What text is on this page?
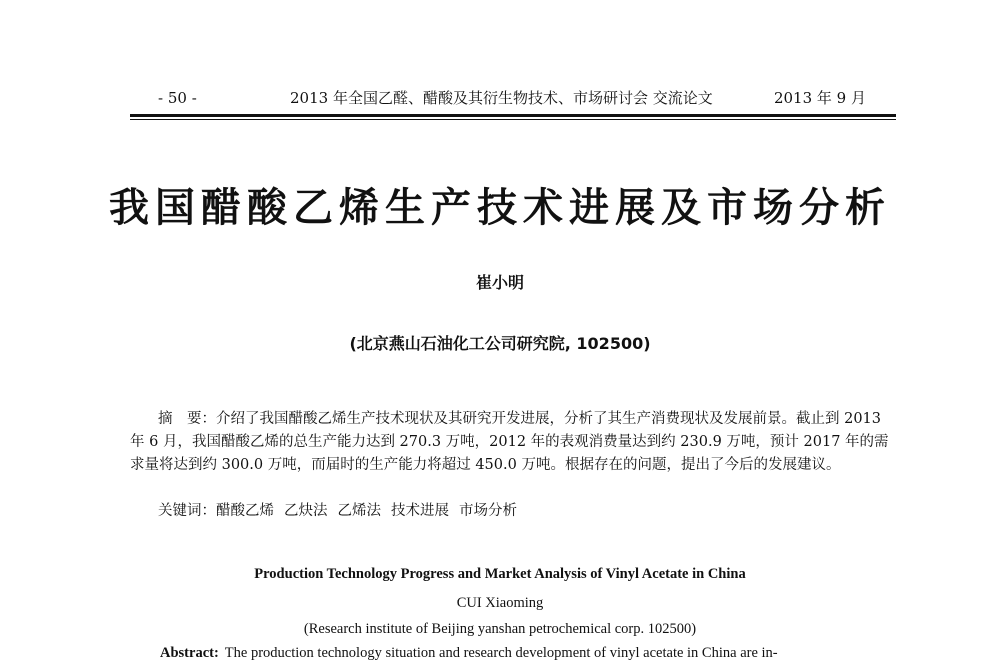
- 50 -	2013 年全国乙醛、醋酸及其衍生物技术、市场研讨会 交流论文	2013 年 9 月
我国醋酸乙烯生产技术进展及市场分析
崔小明
(北京燕山石油化工公司研究院, 102500)
摘　要：介绍了我国醋酸乙烯生产技术现状及其研究开发进展，分析了其生产消费现状及发展前景。截止到 2013 年 6 月，我国醋酸乙烯的总生产能力达到 270.3 万吨，2012 年的表观消费量达到约 230.9 万吨，预计 2017 年的需求量将达到约 300.0 万吨，而届时的生产能力将超过 450.0 万吨。根据存在的问题，提出了今后的发展建议。
关键词：醋酸乙烯 乙炔法 乙烯法 技术进展 市场分析
Production Technology Progress and Market Analysis of Vinyl Acetate in China
CUI Xiaoming
(Research institute of Beijing yanshan petrochemical corp. 102500)
Abstract: The production technology situation and research development of vinyl acetate in China are in-
